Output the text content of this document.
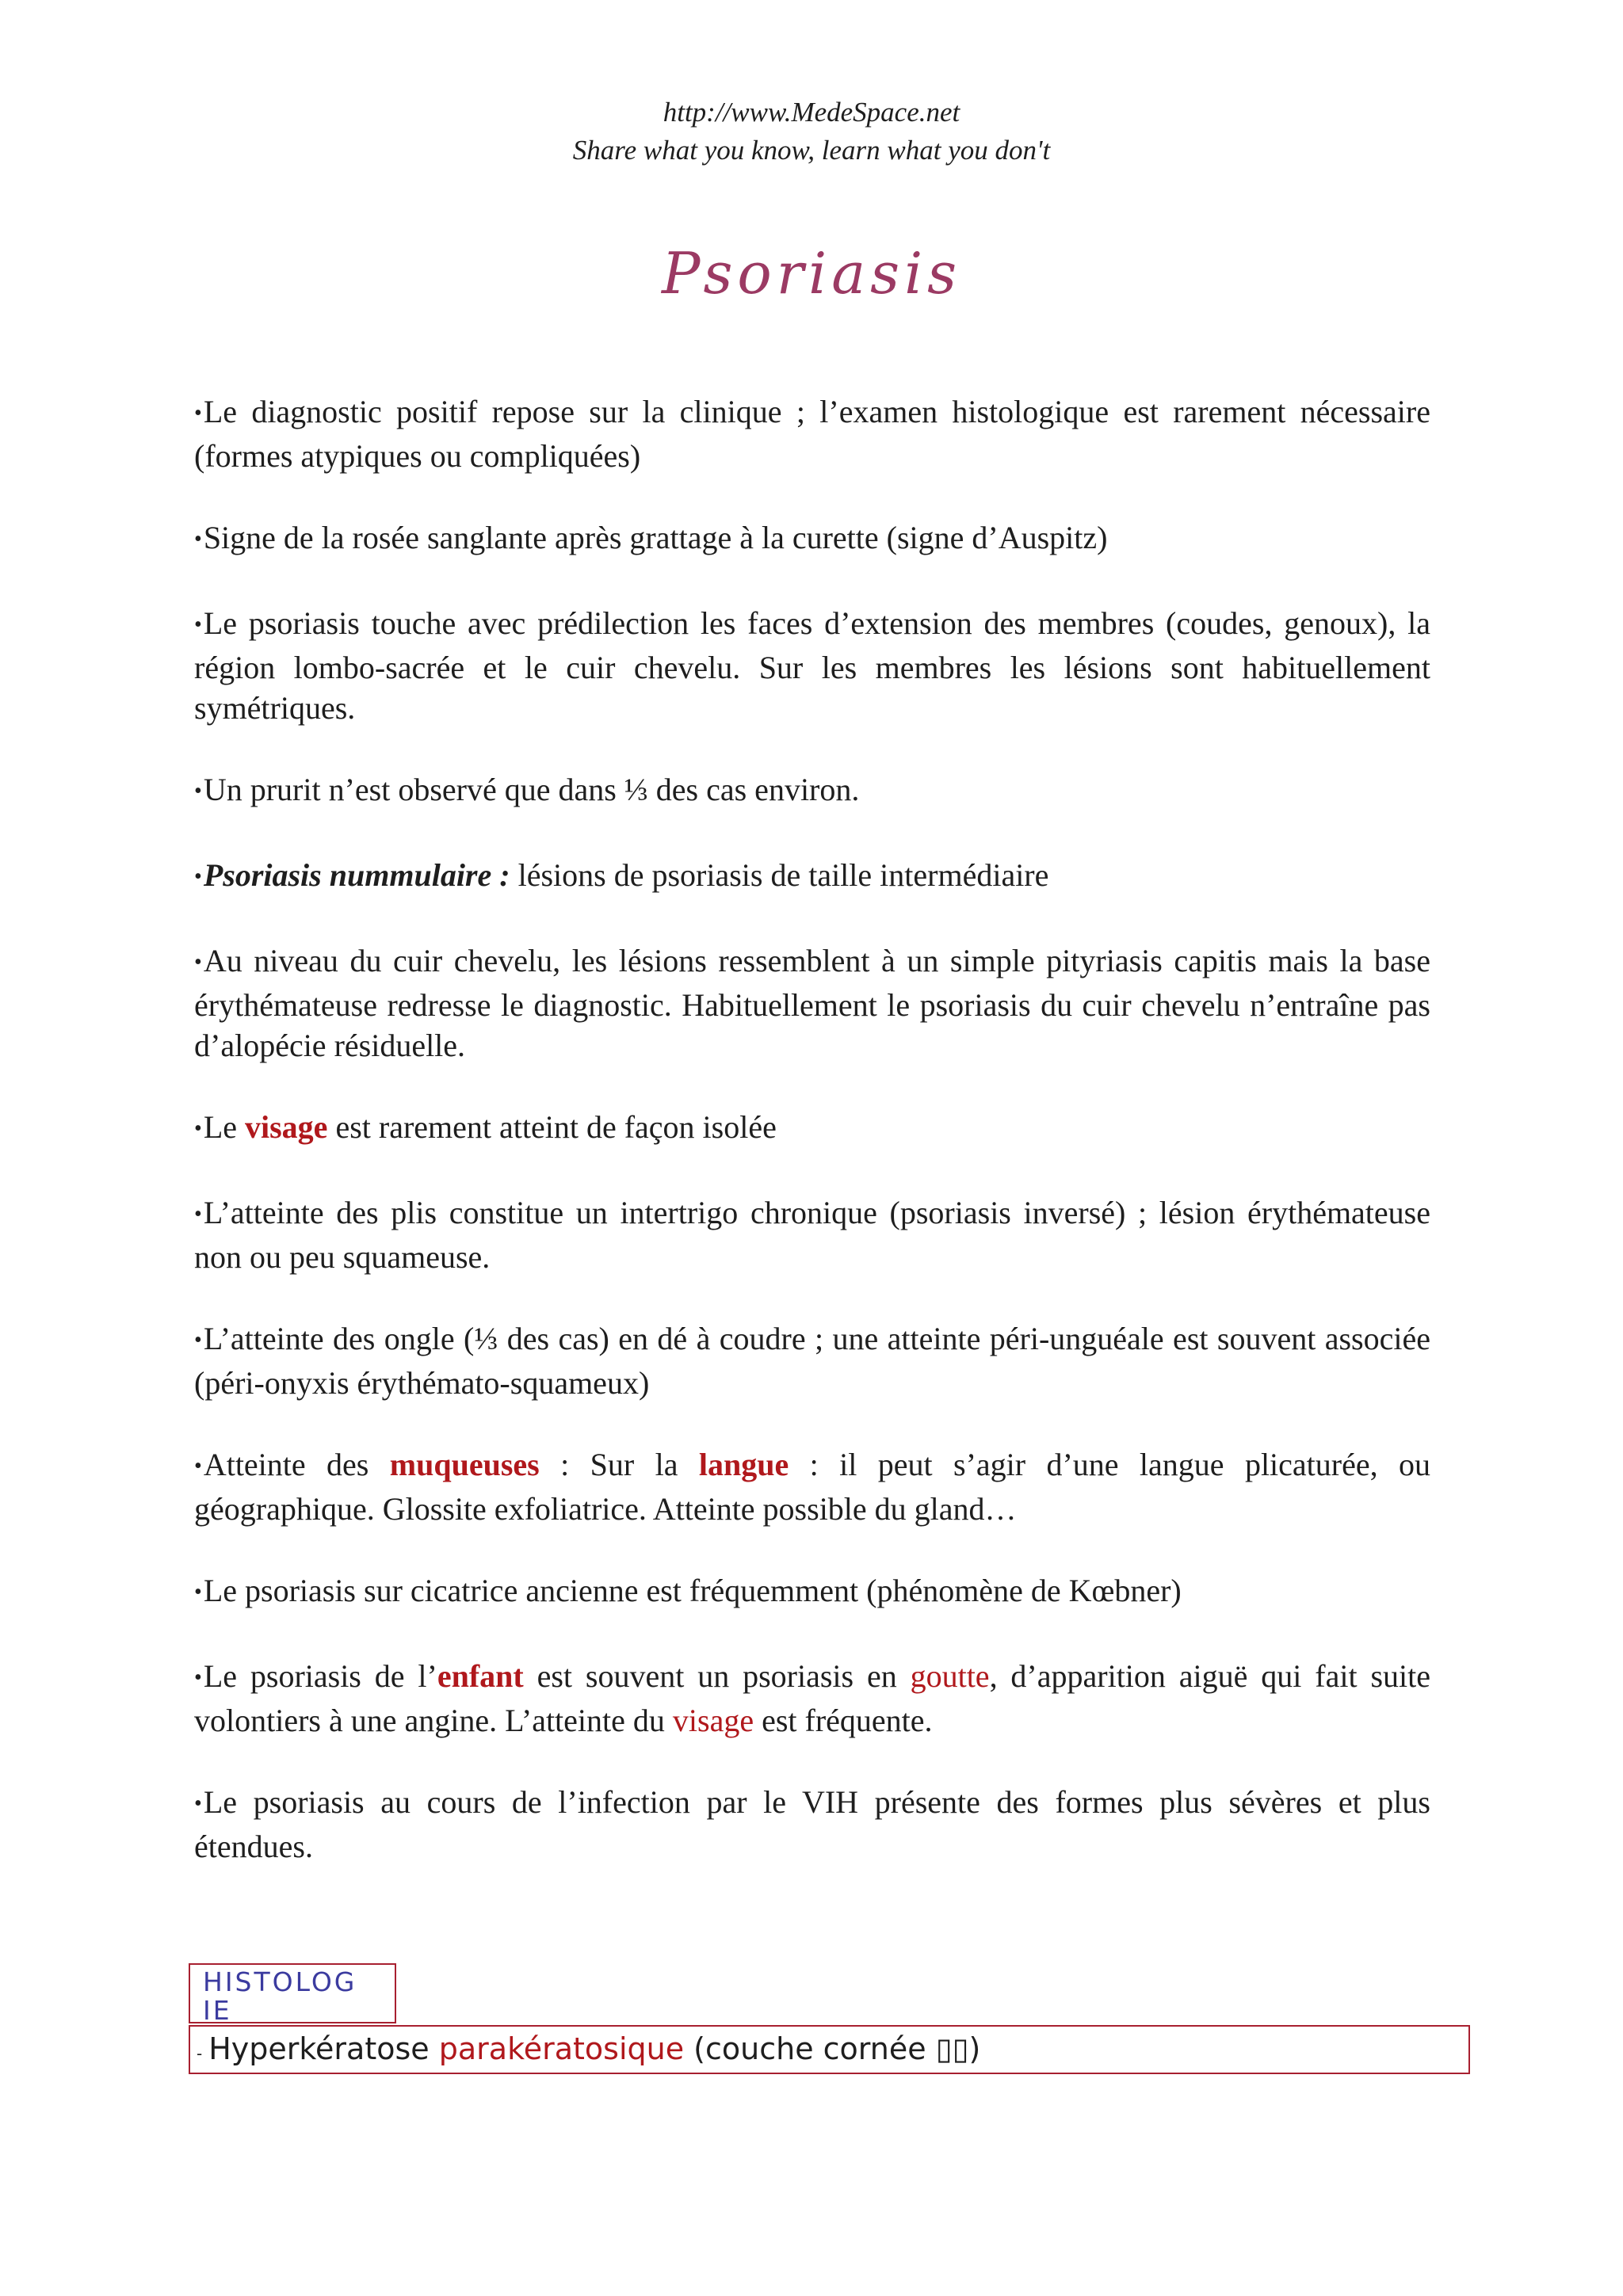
http://www.MedeSpace.net
Share what you know, learn what you don't
Psoriasis

•Le diagnostic positif repose sur la clinique ; l’examen histologique est rarement nécessaire (formes atypiques ou compliquées)

•Signe de la rosée sanglante après grattage à la curette (signe d’Auspitz)

•Le psoriasis touche avec prédilection les faces d’extension des membres (coudes, genoux), la région lombo-sacrée et le cuir chevelu. Sur les membres les lésions sont habituellement symétriques.

•Un prurit n’est observé que dans ⅓ des cas environ.

•Psoriasis nummulaire : lésions de psoriasis de taille intermédiaire

•Au niveau du cuir chevelu, les lésions ressemblent à un simple pityriasis capitis mais la base érythémateuse redresse le diagnostic. Habituellement le psoriasis du cuir chevelu n’entraîne pas d’alopécie résiduelle.

•Le visage est rarement atteint de façon isolée

•L’atteinte des plis constitue un intertrigo chronique (psoriasis inversé) ; lésion érythémateuse non ou peu squameuse.

•L’atteinte des ongle (⅓ des cas) en dé à coudre ; une atteinte péri-unguéale est souvent associée (péri-onyxis érythémato-squameux)

•Atteinte des muqueuses : Sur la langue : il peut s’agir d’une langue plicaturée, ou géographique. Glossite exfoliatrice. Atteinte possible du gland…

•Le psoriasis sur cicatrice ancienne est fréquemment (phénomène de Kœbner)

•Le psoriasis de l’enfant est souvent un psoriasis en goutte, d’apparition aiguë qui fait suite volontiers à une angine. L’atteinte du visage est fréquente.

•Le psoriasis au cours de l’infection par le VIH présente des formes plus sévères et plus étendues.

HISTOLOG IE
- Hyperkératose parakératosique (couche cornée ▯▯)
